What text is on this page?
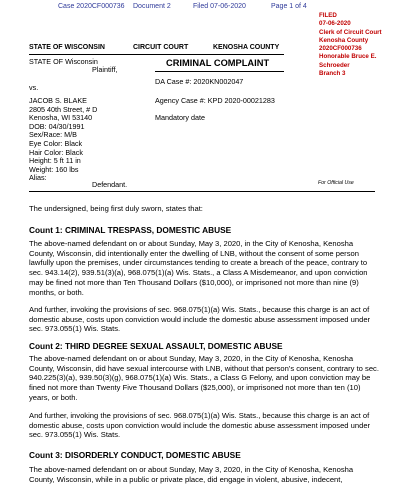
Case 2020CF000736 Document 2	Filed 07-06-2020	Page 1 of 4
FILED
07-06-2020
Clerk of Circuit Court
Kenosha County
2020CF000736
Honorable Bruce E.
Schroeder
Branch 3
STATE OF WISCONSIN	CIRCUIT COURT	KENOSHA COUNTY
STATE OF Wisconsin
Plaintiff,
CRIMINAL COMPLAINT
vs.
DA Case #: 2020KN002047
Agency Case #: KPD 2020-00021283
Mandatory date
JACOB S. BLAKE
2805 40th Street, # D
Kenosha, WI 53140
DOB: 04/30/1991
Sex/Race: M/B
Eye Color: Black
Hair Color: Black
Height: 5 ft 11 in
Weight: 160 lbs
Alias:
Defendant.	For Official Use
The undersigned, being first duly sworn, states that:
Count 1: CRIMINAL TRESPASS, DOMESTIC ABUSE
The above-named defendant on or about Sunday, May 3, 2020, in the City of Kenosha, Kenosha County, Wisconsin, did intentionally enter the dwelling of LNB, without the consent of some person lawfully upon the premises, under circumstances tending to create a breach of the peace, contrary to sec. 943.14(2), 939.51(3)(a), 968.075(1)(a) Wis. Stats., a Class A Misdemeanor, and upon conviction may be fined not more than Ten Thousand Dollars ($10,000), or imprisoned not more than nine (9) months, or both.
And further, invoking the provisions of sec. 968.075(1)(a) Wis. Stats., because this charge is an act of domestic abuse, costs upon conviction would include the domestic abuse assessment imposed under sec. 973.055(1) Wis. Stats.
Count 2: THIRD DEGREE SEXUAL ASSAULT, DOMESTIC ABUSE
The above-named defendant on or about Sunday, May 3, 2020, in the City of Kenosha, Kenosha County, Wisconsin, did have sexual intercourse with LNB, without that person's consent, contrary to sec. 940.225(3)(a), 939.50(3)(g), 968.075(1)(a) Wis. Stats., a Class G Felony, and upon conviction may be fined not more than Twenty Five Thousand Dollars ($25,000), or imprisoned not more than ten (10) years, or both.
And further, invoking the provisions of sec. 968.075(1)(a) Wis. Stats., because this charge is an act of domestic abuse, costs upon conviction would include the domestic abuse assessment imposed under sec. 973.055(1) Wis. Stats.
Count 3: DISORDERLY CONDUCT, DOMESTIC ABUSE
The above-named defendant on or about Sunday, May 3, 2020, in the City of Kenosha, Kenosha County, Wisconsin, while in a public or private place, did engage in violent, abusive, indecent,
